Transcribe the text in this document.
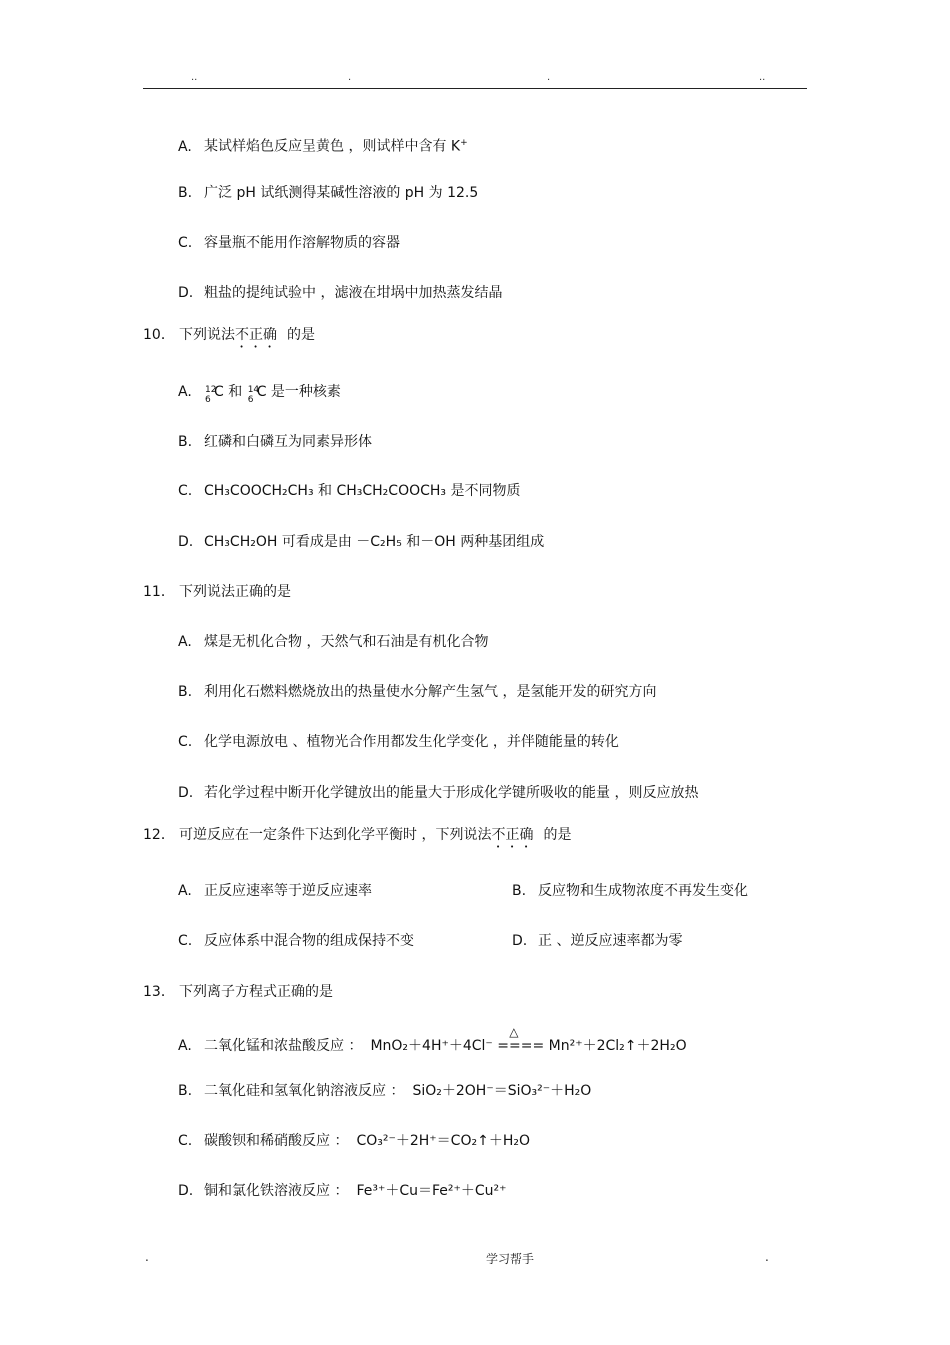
..	.	.	..
A. 某试样焰色反应呈黄色 ，则试样中含有 K+
B. 广泛 pH 试纸测得某碱性溶液的 pH 为 12.5
C. 容量瓶不能用作溶解物质的容器
D. 粗盐的提纯试验中 ，滤液在坩埚中加热蒸发结晶
10． 下列说法不正确 的是
A. 12
6 C 和 14
6 C 是一种核素
B. 红磷和白磷互为同素异形体
C. CH₃COOCH₂CH₃ 和 CH₃CH₂COOCH₃ 是不同物质
D. CH₃CH₂OH 可看成是由 －C₂H₅ 和－OH 两种基团组成
11． 下列说法正确的是
A. 煤是无机化合物 ，天然气和石油是有机化合物
B. 利用化石燃料燃烧放出的热量使水分解产生氢气 ，是氢能开发的研究方向
C. 化学电源放电 、植物光合作用都发生化学变化 ，并伴随能量的转化
D. 若化学过程中断开化学键放出的能量大于形成化学键所吸收的能量 ，则反应放热
12． 可逆反应在一定条件下达到化学平衡时 ，下列说法不正确 的是
A. 正反应速率等于逆反应速率	B. 反应物和生成物浓度不再发生变化
C. 反应体系中混合物的组成保持不变	D. 正 、逆反应速率都为零
13． 下列离子方程式正确的是
A. 二氧化锰和浓盐酸反应 ： MnO₂＋4H⁺＋4Cl⁻
△
==== Mn²⁺＋2Cl₂↑＋2H₂O
B. 二氧化硅和氢氧化钠溶液反应 ： SiO₂＋2OH⁻＝SiO₃²⁻＋H₂O
C. 碳酸钡和稀硝酸反应 ： CO₃²⁻＋2H⁺＝CO₂↑＋H₂O
D. 铜和氯化铁溶液反应 ： Fe³⁺＋Cu＝Fe²⁺＋Cu²⁺
.	学习帮手	.
